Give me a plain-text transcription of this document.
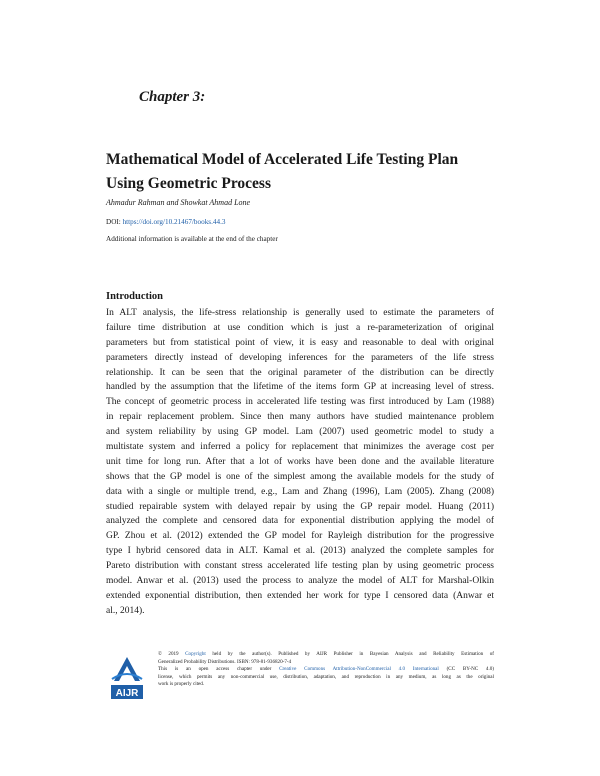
Chapter 3:
Mathematical Model of Accelerated Life Testing Plan
Using Geometric Process
Ahmadur Rahman and Showkat Ahmad Lone
DOI: https://doi.org/10.21467/books.44.3
Additional information is available at the end of the chapter
Introduction
In ALT analysis, the life-stress relationship is generally used to estimate the parameters of
failure time distribution at use condition which is just a re-parameterization of original
parameters but from statistical point of view, it is easy and reasonable to deal with original
parameters directly instead of developing inferences for the parameters of the life stress
relationship. It can be seen that the original parameter of the distribution can be directly
handled by the assumption that the lifetime of the items form GP at increasing level of stress.
The concept of geometric process in accelerated life testing was first introduced by Lam (1988)
in repair replacement problem. Since then many authors have studied maintenance problem
and system reliability by using GP model. Lam (2007) used geometric model to study a
multistate system and inferred a policy for replacement that minimizes the average cost per
unit time for long run. After that a lot of works have been done and the available literature
shows that the GP model is one of the simplest among the available models for the study of
data with a single or multiple trend, e.g., Lam and Zhang (1996), Lam (2005). Zhang (2008)
studied repairable system with delayed repair by using the GP repair model. Huang (2011)
analyzed the complete and censored data for exponential distribution applying the model of
GP. Zhou et al. (2012) extended the GP model for Rayleigh distribution for the progressive
type I hybrid censored data in ALT. Kamal et al. (2013) analyzed the complete samples for
Pareto distribution with constant stress accelerated life testing plan by using geometric process
model. Anwar et al. (2013) used the process to analyze the model of ALT for Marshal-Olkin
extended exponential distribution, then extended her work for type I censored data (Anwar et
al., 2014).
AIJR
© 2019 Copyright held by the author(s). Published by AIJR Publisher in Bayesian Analysis and Reliability Estimation of
Generalized Probability Distributions. ISBN: 978-81-936820-7-4
This is an open access chapter under Creative Commons Attribution-NonCommercial 4.0 International (CC BY-NC 4.0)
license, which permits any non-commercial use, distribution, adaptation, and reproduction in any medium, as long as the original
work is properly cited.
